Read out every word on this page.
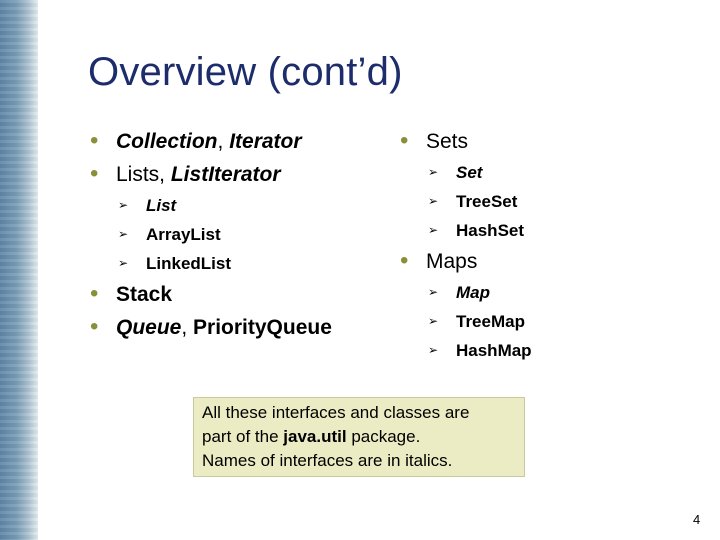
Overview (cont’d)
• Collection, Iterator
• Lists, ListIterator
➢ List
➢ ArrayList
➢ LinkedList
• Stack
• Queue, PriorityQueue
• Sets
➢ Set
➢ TreeSet
➢ HashSet
• Maps
➢ Map
➢ TreeMap
➢ HashMap
All these interfaces and classes are
part of the java.util package.
Names of interfaces are in italics.
4
